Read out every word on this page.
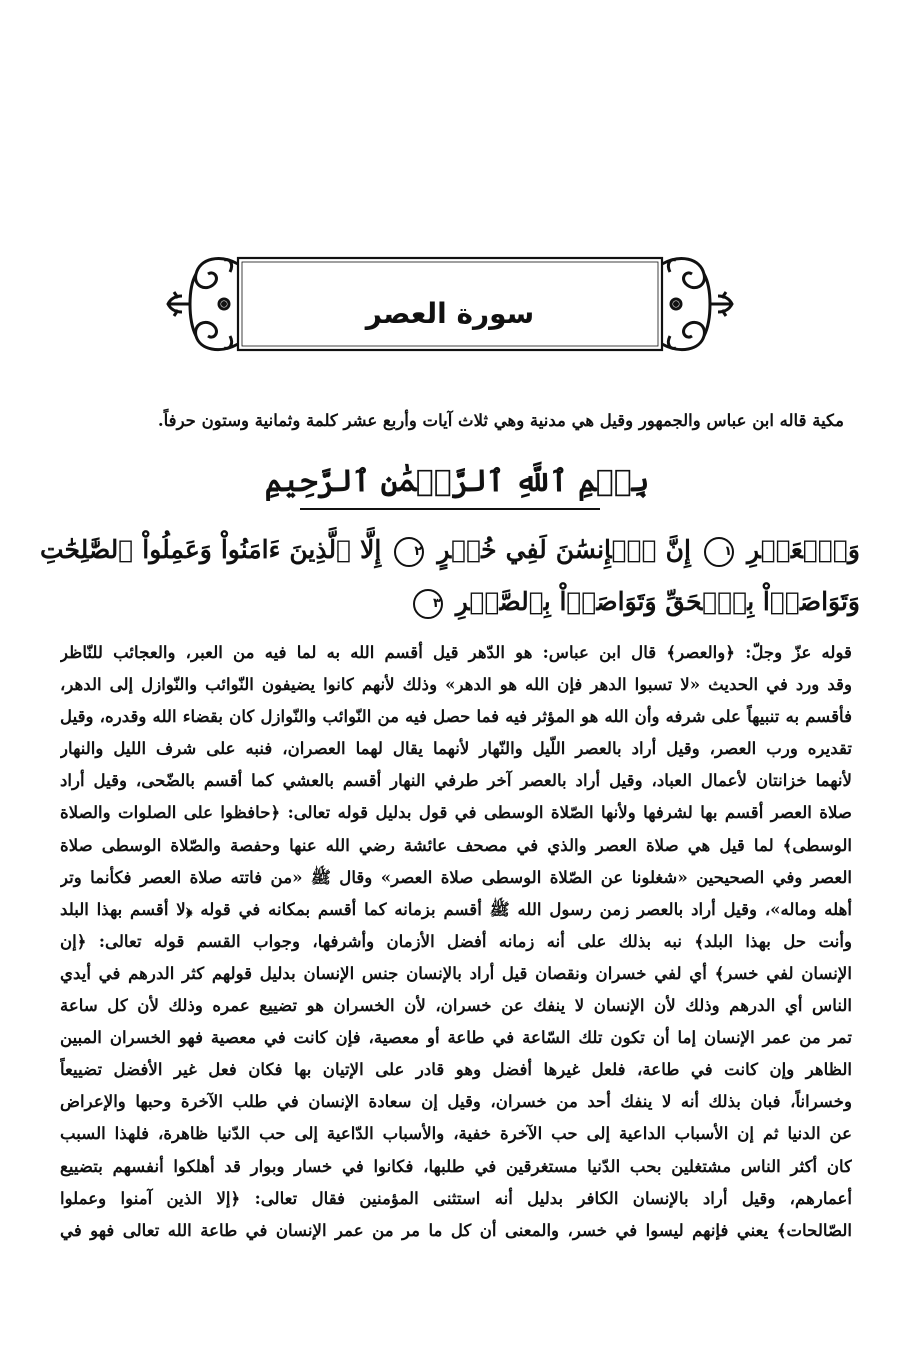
سورة العصر
مكية قاله ابن عباس والجمهور وقيل هي مدنية وهي ثلاث آيات وأربع عشر كلمة وثمانية وستون حرفاً.
بِسۡمِ ٱللَّهِ ٱلرَّحۡمَٰنِ ٱلرَّحِيمِ
وَٱلۡعَصۡرِ ١ إِنَّ ٱلۡإِنسَٰنَ لَفِي خُسۡرٍ ٢ إِلَّا ٱلَّذِينَ ءَامَنُواْ وَعَمِلُواْ ٱلصَّٰلِحَٰتِ وَتَوَاصَوۡاْ بِٱلۡحَقِّ وَتَوَاصَوۡاْ بِٱلصَّبۡرِ ٣

قوله عزّ وجلّ: ﴿والعصر﴾ قال ابن عباس: هو الدّهر قيل أقسم الله به لما فيه من العبر، والعجائب للنّاظر

وقد ورد في الحديث «لا تسبوا الدهر فإن الله هو الدهر» وذلك لأنهم كانوا يضيفون النّوائب والنّوازل إلى الدهر،

فأقسم به تنبيهاً على شرفه وأن الله هو المؤثر فيه فما حصل فيه من النّوائب والنّوازل كان بقضاء الله وقدره، وقيل

تقديره ورب العصر، وقيل أراد بالعصر اللّيل والنّهار لأنهما يقال لهما العصران، فنبه على شرف الليل والنهار

لأنهما خزانتان لأعمال العباد، وقيل أراد بالعصر آخر طرفي النهار أقسم بالعشي كما أقسم بالضّحى، وقيل أراد

صلاة العصر أقسم بها لشرفها ولأنها الصّلاة الوسطى في قول بدليل قوله تعالى: ﴿حافظوا على الصلوات والصلاة

الوسطى﴾ لما قيل هي صلاة العصر والذي في مصحف عائشة رضي الله عنها وحفصة والصّلاة الوسطى صلاة

العصر وفي الصحيحين «شغلونا عن الصّلاة الوسطى صلاة العصر» وقال ﷺ «من فاتته صلاة العصر فكأنما وتر

أهله وماله»، وقيل أراد بالعصر زمن رسول الله ﷺ أقسم بزمانه كما أقسم بمكانه في قوله ﴿لا أقسم بهذا البلد

وأنت حل بهذا البلد﴾ نبه بذلك على أنه زمانه أفضل الأزمان وأشرفها، وجواب القسم قوله تعالى: ﴿إن

الإنسان لفي خسر﴾ أي لفي خسران ونقصان قيل أراد بالإنسان جنس الإنسان بدليل قولهم كثر الدرهم في أيدي

الناس أي الدرهم وذلك لأن الإنسان لا ينفك عن خسران، لأن الخسران هو تضييع عمره وذلك لأن كل ساعة

تمر من عمر الإنسان إما أن تكون تلك السّاعة في طاعة أو معصية، فإن كانت في معصية فهو الخسران المبين

الظاهر وإن كانت في طاعة، فلعل غيرها أفضل وهو قادر على الإتيان بها فكان فعل غير الأفضل تضييعاً

وخسراناً، فبان بذلك أنه لا ينفك أحد من خسران، وقيل إن سعادة الإنسان في طلب الآخرة وحبها والإعراض

عن الدنيا ثم إن الأسباب الداعية إلى حب الآخرة خفية، والأسباب الدّاعية إلى حب الدّنيا ظاهرة، فلهذا السبب

كان أكثر الناس مشتغلين بحب الدّنيا مستغرقين في طلبها، فكانوا في خسار وبوار قد أهلكوا أنفسهم بتضييع

أعمارهم، وقيل أراد بالإنسان الكافر بدليل أنه استثنى المؤمنين فقال تعالى: ﴿إلا الذين آمنوا وعملوا

الصّالحات﴾ يعني فإنهم ليسوا في خسر، والمعنى أن كل ما مر من عمر الإنسان في طاعة الله تعالى فهو في
